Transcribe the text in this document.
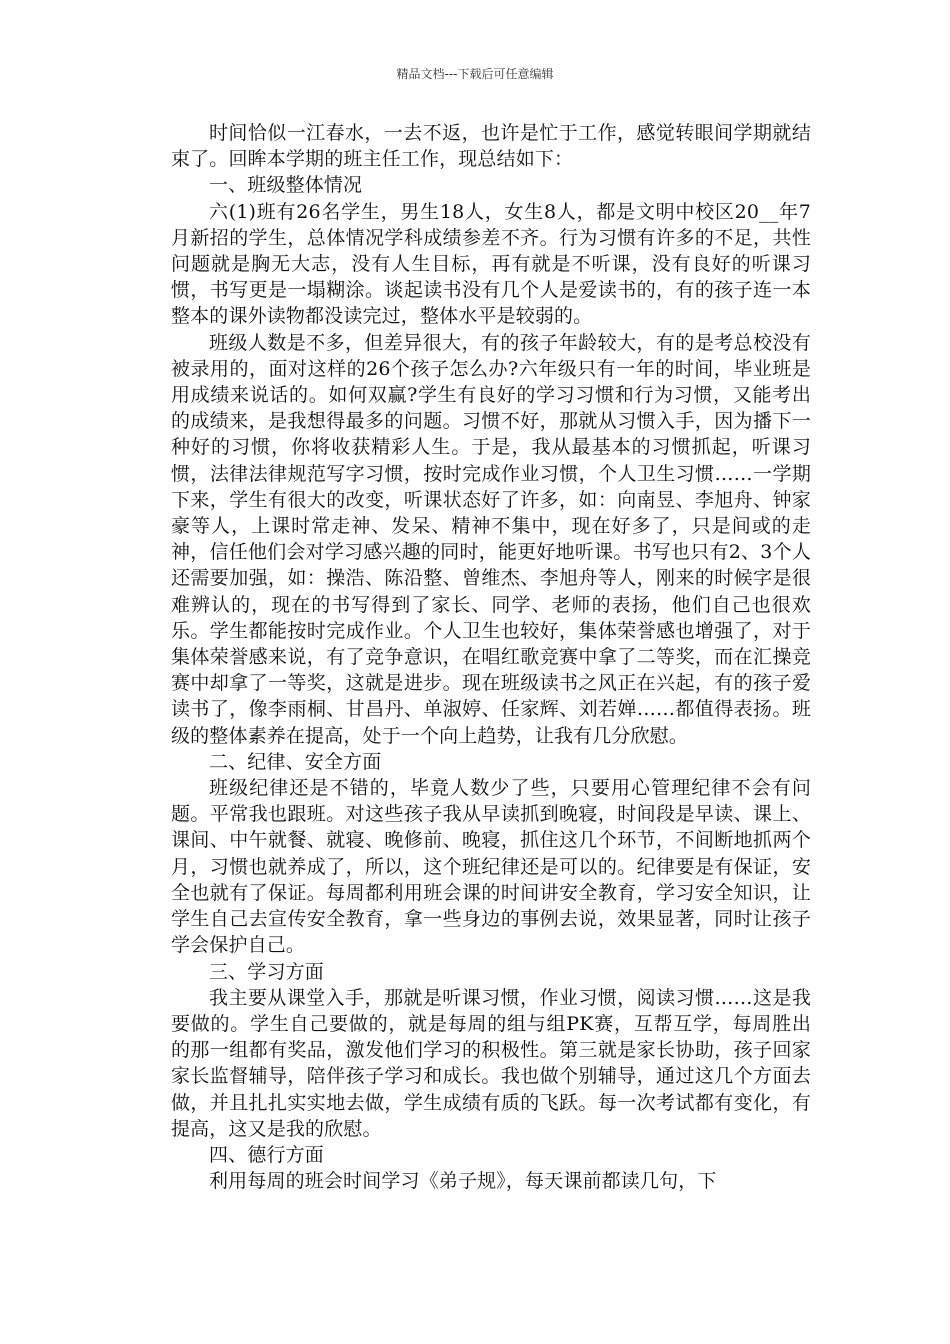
精品文档---下载后可任意编辑

时间恰似一江春水，一去不返，也许是忙于工作，感觉转眼间学期就结束了。回眸本学期的班主任工作，现总结如下：

一、班级整体情况

六(1)班有26名学生，男生18人，女生8人，都是文明中校区20__年7月新招的学生，总体情况学科成绩参差不齐。行为习惯有许多的不足，共性问题就是胸无大志，没有人生目标，再有就是不听课，没有良好的听课习惯，书写更是一塌糊涂。谈起读书没有几个人是爱读书的，有的孩子连一本整本的课外读物都没读完过，整体水平是较弱的。

班级人数是不多，但差异很大，有的孩子年龄较大，有的是考总校没有被录用的，面对这样的26个孩子怎么办?六年级只有一年的时间，毕业班是用成绩来说话的。如何双赢?学生有良好的学习习惯和行为习惯，又能考出的成绩来，是我想得最多的问题。习惯不好，那就从习惯入手，因为播下一种好的习惯，你将收获精彩人生。于是，我从最基本的习惯抓起，听课习惯，法律法律规范写字习惯，按时完成作业习惯，个人卫生习惯……一学期下来，学生有很大的改变，听课状态好了许多，如：向南昱、李旭舟、钟家豪等人，上课时常走神、发呆、精神不集中，现在好多了，只是间或的走神，信任他们会对学习感兴趣的同时，能更好地听课。书写也只有2、3个人还需要加强，如：操浩、陈沿整、曾维杰、李旭舟等人，刚来的时候字是很难辨认的，现在的书写得到了家长、同学、老师的表扬，他们自己也很欢乐。学生都能按时完成作业。个人卫生也较好，集体荣誉感也增强了，对于集体荣誉感来说，有了竞争意识，在唱红歌竞赛中拿了二等奖，而在汇操竞赛中却拿了一等奖，这就是进步。现在班级读书之风正在兴起，有的孩子爱读书了，像李雨桐、甘昌丹、单淑婷、任家辉、刘若婵……都值得表扬。班级的整体素养在提高，处于一个向上趋势，让我有几分欣慰。

二、纪律、安全方面

班级纪律还是不错的，毕竟人数少了些，只要用心管理纪律不会有问题。平常我也跟班。对这些孩子我从早读抓到晚寝，时间段是早读、课上、课间、中午就餐、就寝、晚修前、晚寝，抓住这几个环节，不间断地抓两个月，习惯也就养成了，所以，这个班纪律还是可以的。纪律要是有保证，安全也就有了保证。每周都利用班会课的时间讲安全教育，学习安全知识，让学生自己去宣传安全教育，拿一些身边的事例去说，效果显著，同时让孩子学会保护自己。

三、学习方面

我主要从课堂入手，那就是听课习惯，作业习惯，阅读习惯……这是我要做的。学生自己要做的，就是每周的组与组PK赛，互帮互学，每周胜出的那一组都有奖品，激发他们学习的积极性。第三就是家长协助，孩子回家家长监督辅导，陪伴孩子学习和成长。我也做个别辅导，通过这几个方面去做，并且扎扎实实地去做，学生成绩有质的飞跃。每一次考试都有变化，有提高，这又是我的欣慰。

四、德行方面

利用每周的班会时间学习《弟子规》，每天课前都读几句，下
